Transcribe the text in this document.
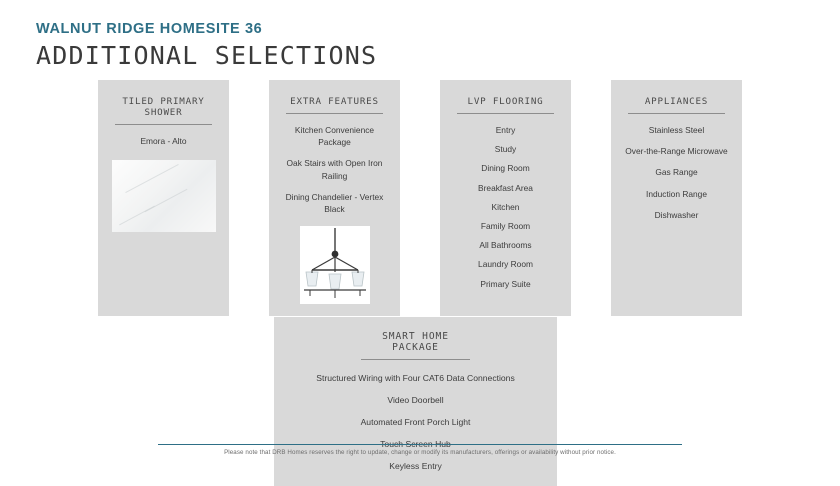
WALNUT RIDGE HOMESITE 36
ADDITIONAL SELECTIONS
TILED PRIMARY SHOWER
Emora - Alto
EXTRA FEATURES
Kitchen Convenience Package
Oak Stairs with Open Iron Railing
Dining Chandelier - Vertex Black
LVP FLOORING
Entry
Study
Dining Room
Breakfast Area
Kitchen
Family Room
All Bathrooms
Laundry Room
Primary Suite
APPLIANCES
Stainless Steel
Over-the-Range Microwave
Gas Range
Induction Range
Dishwasher
SMART HOME PACKAGE
Structured Wiring with Four CAT6 Data Connections
Video Doorbell
Automated Front Porch Light
Keyless Entry
Please note that DRB Homes reserves the right to update, change or modify its manufacturers, offerings or availability without prior notice.
